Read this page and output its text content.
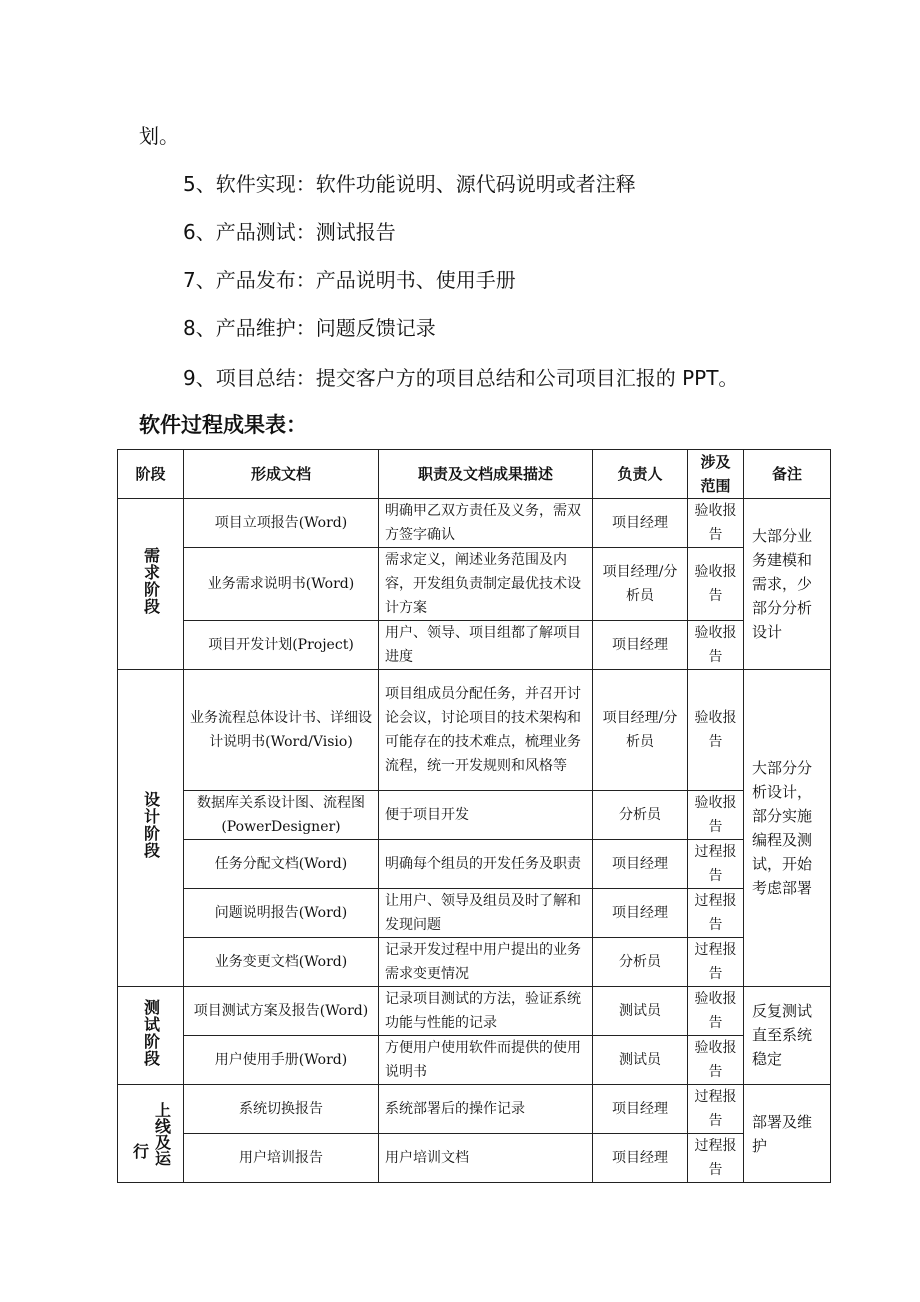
划。
5、软件实现：软件功能说明、源代码说明或者注释
6、产品测试：测试报告
7、产品发布：产品说明书、使用手册
8、产品维护：问题反馈记录
9、项目总结：提交客户方的项目总结和公司项目汇报的 PPT。
软件过程成果表：
阶段	形成文档	职责及文档成果描述	负责人	涉及范围	备注
需求阶段	项目立项报告(Word)	明确甲乙双方责任及义务，需双方签字确认	项目经理	验收报告	大部分业务建模和需求，少部分分析设计
	业务需求说明书(Word)	需求定义，阐述业务范围及内容，开发组负责制定最优技术设计方案	项目经理/分析员	验收报告	
	项目开发计划(Project)	用户、领导、项目组都了解项目进度	项目经理	验收报告	
设计阶段	业务流程总体设计书、详细设计说明书(Word/Visio)	项目组成员分配任务，并召开讨论会议，讨论项目的技术架构和可能存在的技术难点，梳理业务流程，统一开发规则和风格等	项目经理/分析员	验收报告	大部分分析设计，部分实施编程及测试，开始考虑部署
	数据库关系设计图、流程图(PowerDesigner)	便于项目开发	分析员	验收报告	
	任务分配文档(Word)	明确每个组员的开发任务及职责	项目经理	过程报告	
	问题说明报告(Word)	让用户、领导及组员及时了解和发现问题	项目经理	过程报告	
	业务变更文档(Word)	记录开发过程中用户提出的业务需求变更情况	分析员	过程报告	
测试阶段	项目测试方案及报告(Word)	记录项目测试的方法，验证系统功能与性能的记录	测试员	验收报告	反复测试直至系统稳定
	用户使用手册(Word)	方便用户使用软件而提供的使用说明书	测试员	验收报告	

行 上线及运	系统切换报告	系统部署后的操作记录	项目经理	过程报告	部署及维护
	用户培训报告	用户培训文档	项目经理	过程报告	
